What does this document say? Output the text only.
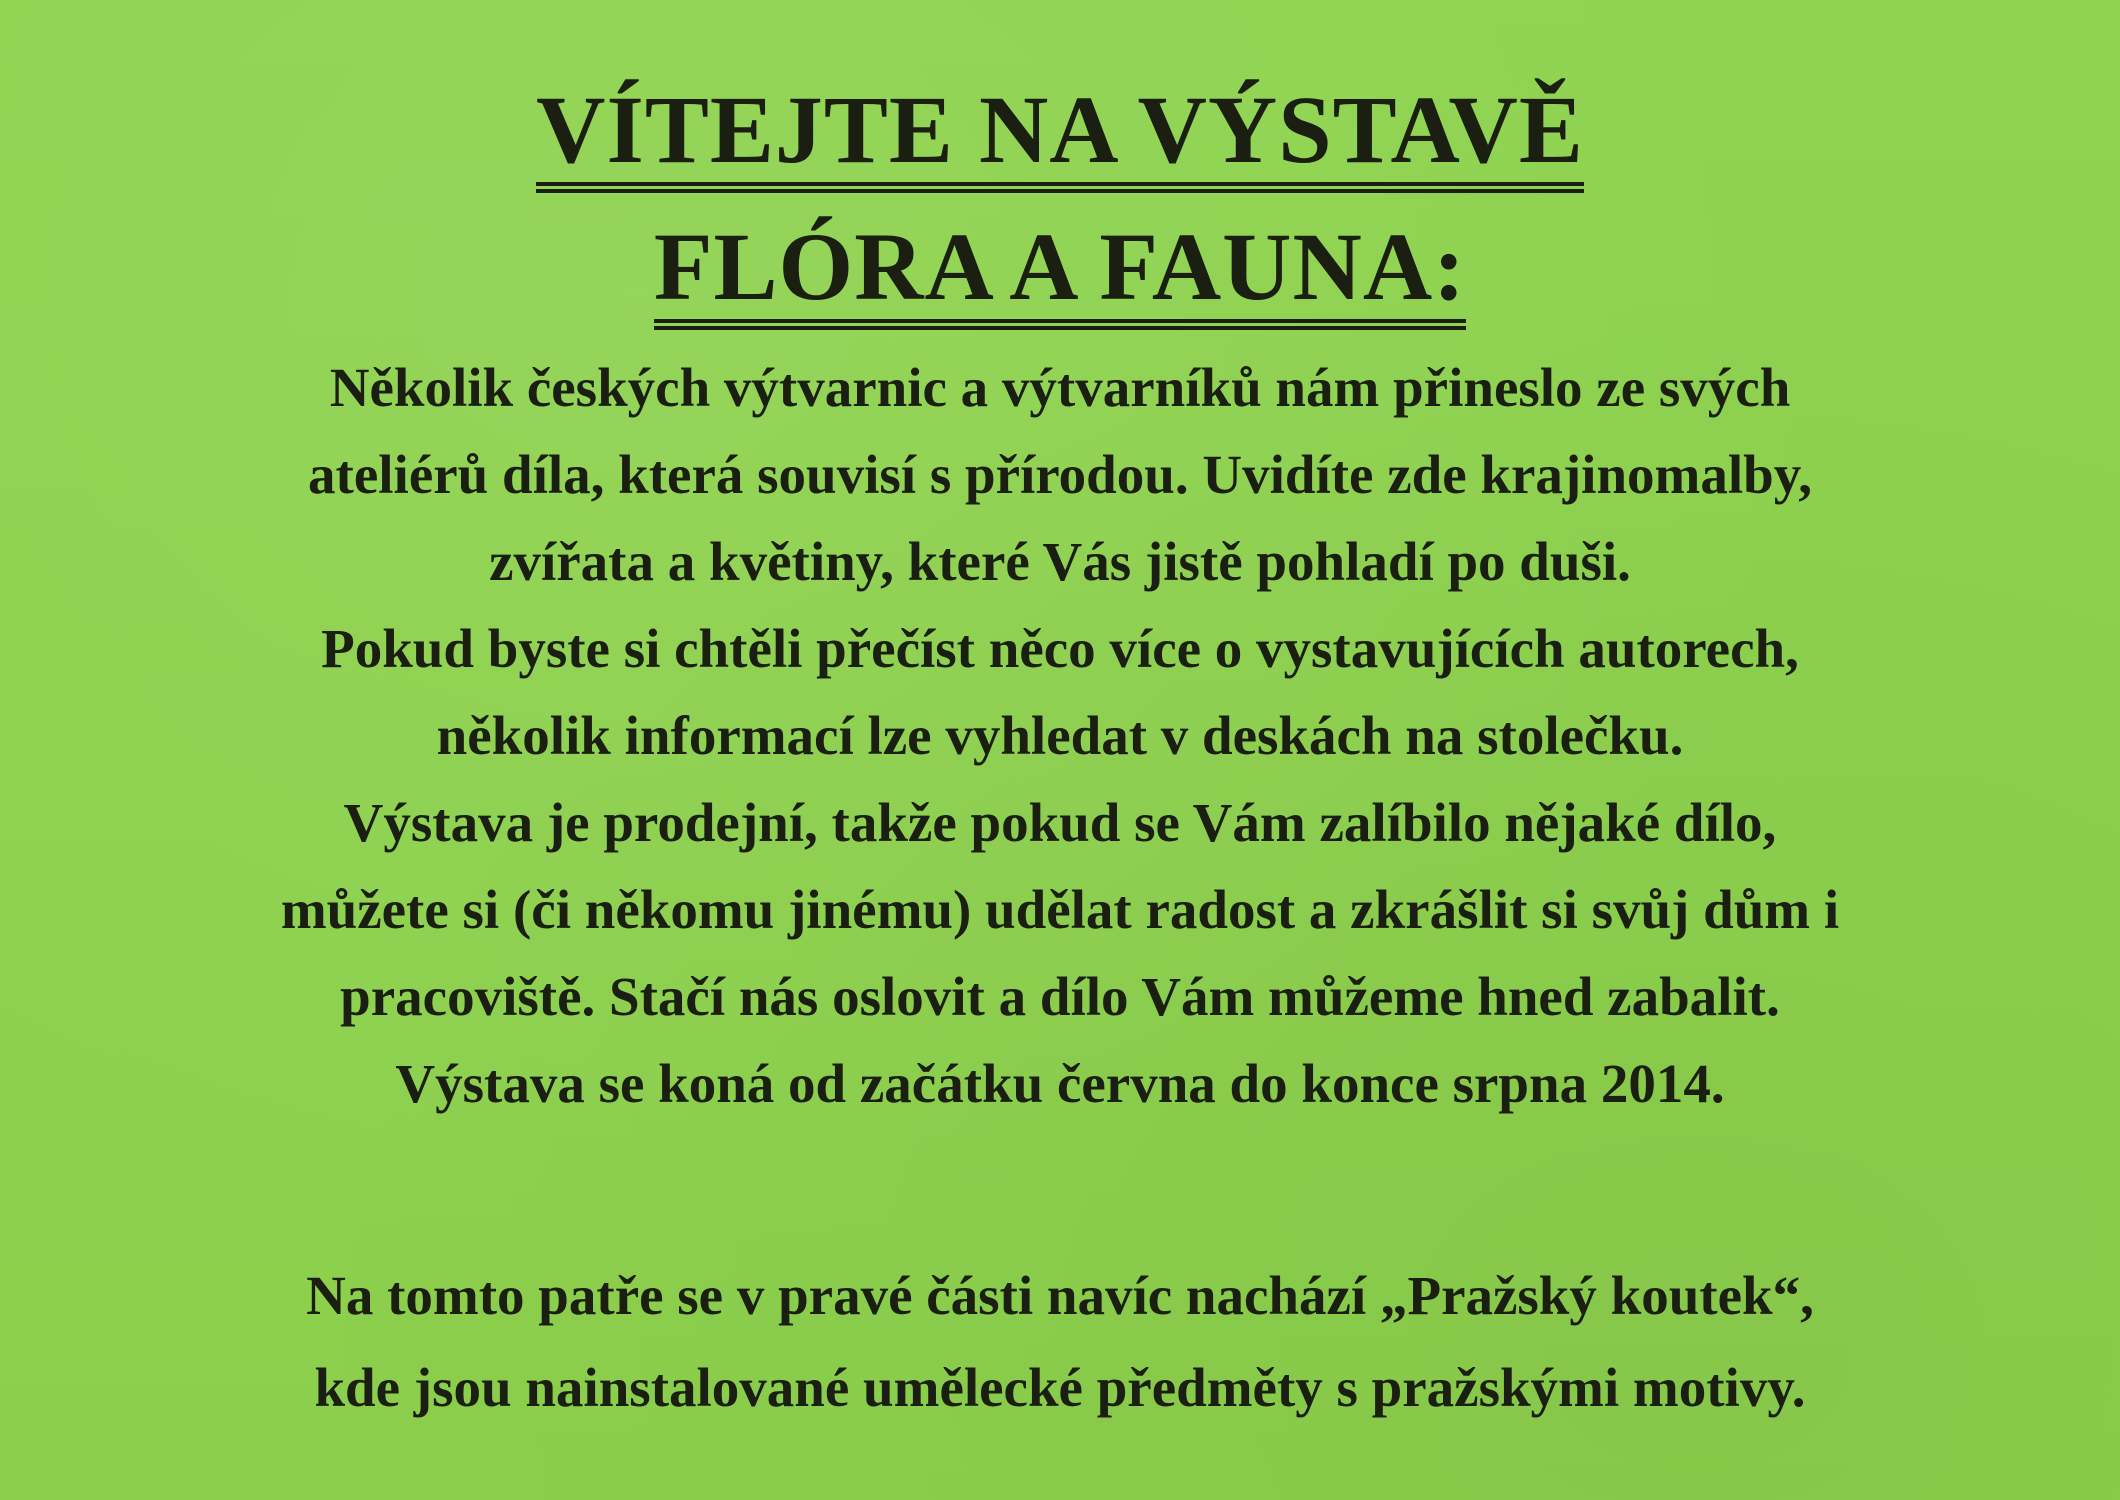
VÍTEJTE NA VÝSTAVĚ
FLÓRA A FAUNA:
Několik českých výtvarnic a výtvarníků nám přineslo ze svých
ateliérů díla, která souvisí s přírodou. Uvidíte zde krajinomalby,
zvířata a květiny, které Vás jistě pohladí po duši.
Pokud byste si chtěli přečíst něco více o vystavujících autorech,
několik informací lze vyhledat v deskách na stolečku.
Výstava je prodejní, takže pokud se Vám zalíbilo nějaké dílo,
můžete si (či někomu jinému) udělat radost a zkrášlit si svůj dům i
pracoviště. Stačí nás oslovit a dílo Vám můžeme hned zabalit.
Výstava se koná od začátku června do konce srpna 2014.
Na tomto patře se v pravé části navíc nachází „Pražský koutek“,
kde jsou nainstalované umělecké předměty s pražskými motivy.
